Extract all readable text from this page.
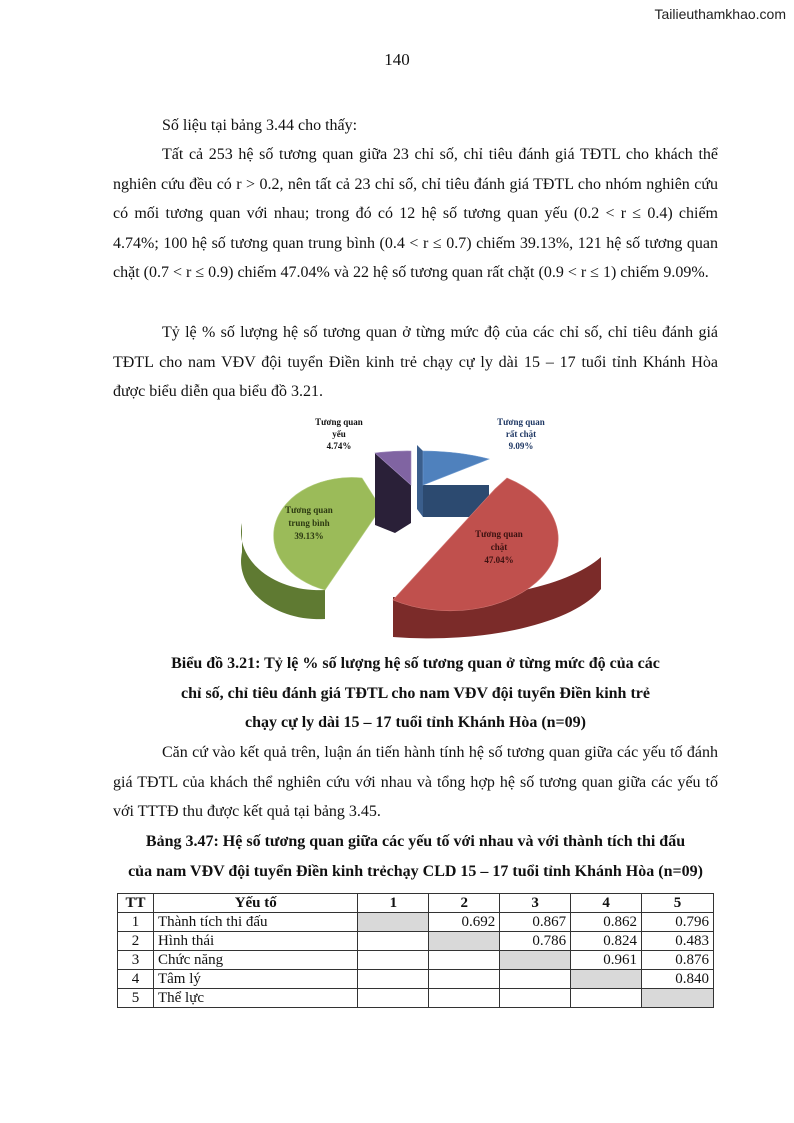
Tailieuthamkhao.com
140

Số liệu tại bảng 3.44 cho thấy:

Tất cả 253 hệ số tương quan giữa 23 chỉ số, chỉ tiêu đánh giá TĐTL cho khách thể nghiên cứu đều có r > 0.2, nên tất cả 23 chỉ số, chỉ tiêu đánh giá TĐTL cho nhóm nghiên cứu có mối tương quan với nhau; trong đó có 12 hệ số tương quan yếu (0.2 < r ≤ 0.4) chiếm 4.74%; 100 hệ số tương quan trung bình (0.4 < r ≤ 0.7) chiếm 39.13%, 121 hệ số tương quan chặt (0.7 < r ≤ 0.9) chiếm 47.04% và 22 hệ số tương quan rất chặt (0.9 < r ≤ 1) chiếm 9.09%.

Tỷ lệ % số lượng hệ số tương quan ở từng mức độ của các chỉ số, chỉ tiêu đánh giá TĐTL cho nam VĐV đội tuyển Điền kinh trẻ chạy cự ly dài 15 – 17 tuổi tỉnh Khánh Hòa được biểu diễn qua biểu đồ 3.21.

Tương quan
rất chặt
9.09%
Tương quan
chặt
47.04%
Tương quan
trung bình
39.13%
Tương quan
yếu
4.74%
Biểu đồ 3.21: Tỷ lệ % số lượng hệ số tương quan ở từng mức độ của các
chỉ số, chỉ tiêu đánh giá TĐTL cho nam VĐV đội tuyển Điền kinh trẻ
chạy cự ly dài 15 – 17 tuổi tỉnh Khánh Hòa (n=09)

Căn cứ vào kết quả trên, luận án tiến hành tính hệ số tương quan giữa các yếu tố đánh giá TĐTL của khách thể nghiên cứu với nhau và tổng hợp hệ số tương quan giữa các yếu tố với TTTĐ thu được kết quả tại bảng 3.45.

Bảng 3.47: Hệ số tương quan giữa các yếu tố với nhau và với thành tích thi đấu
của nam VĐV đội tuyển Điền kinh trẻchạy CLD 15 – 17 tuổi tỉnh Khánh Hòa (n=09)
TT	Yếu tố	1	2	3	4	5
1	Thành tích thi đấu		0.692	0.867	0.862	0.796
2	Hình thái			0.786	0.824	0.483
3	Chức năng				0.961	0.876
4	Tâm lý					0.840
5	Thể lực					
